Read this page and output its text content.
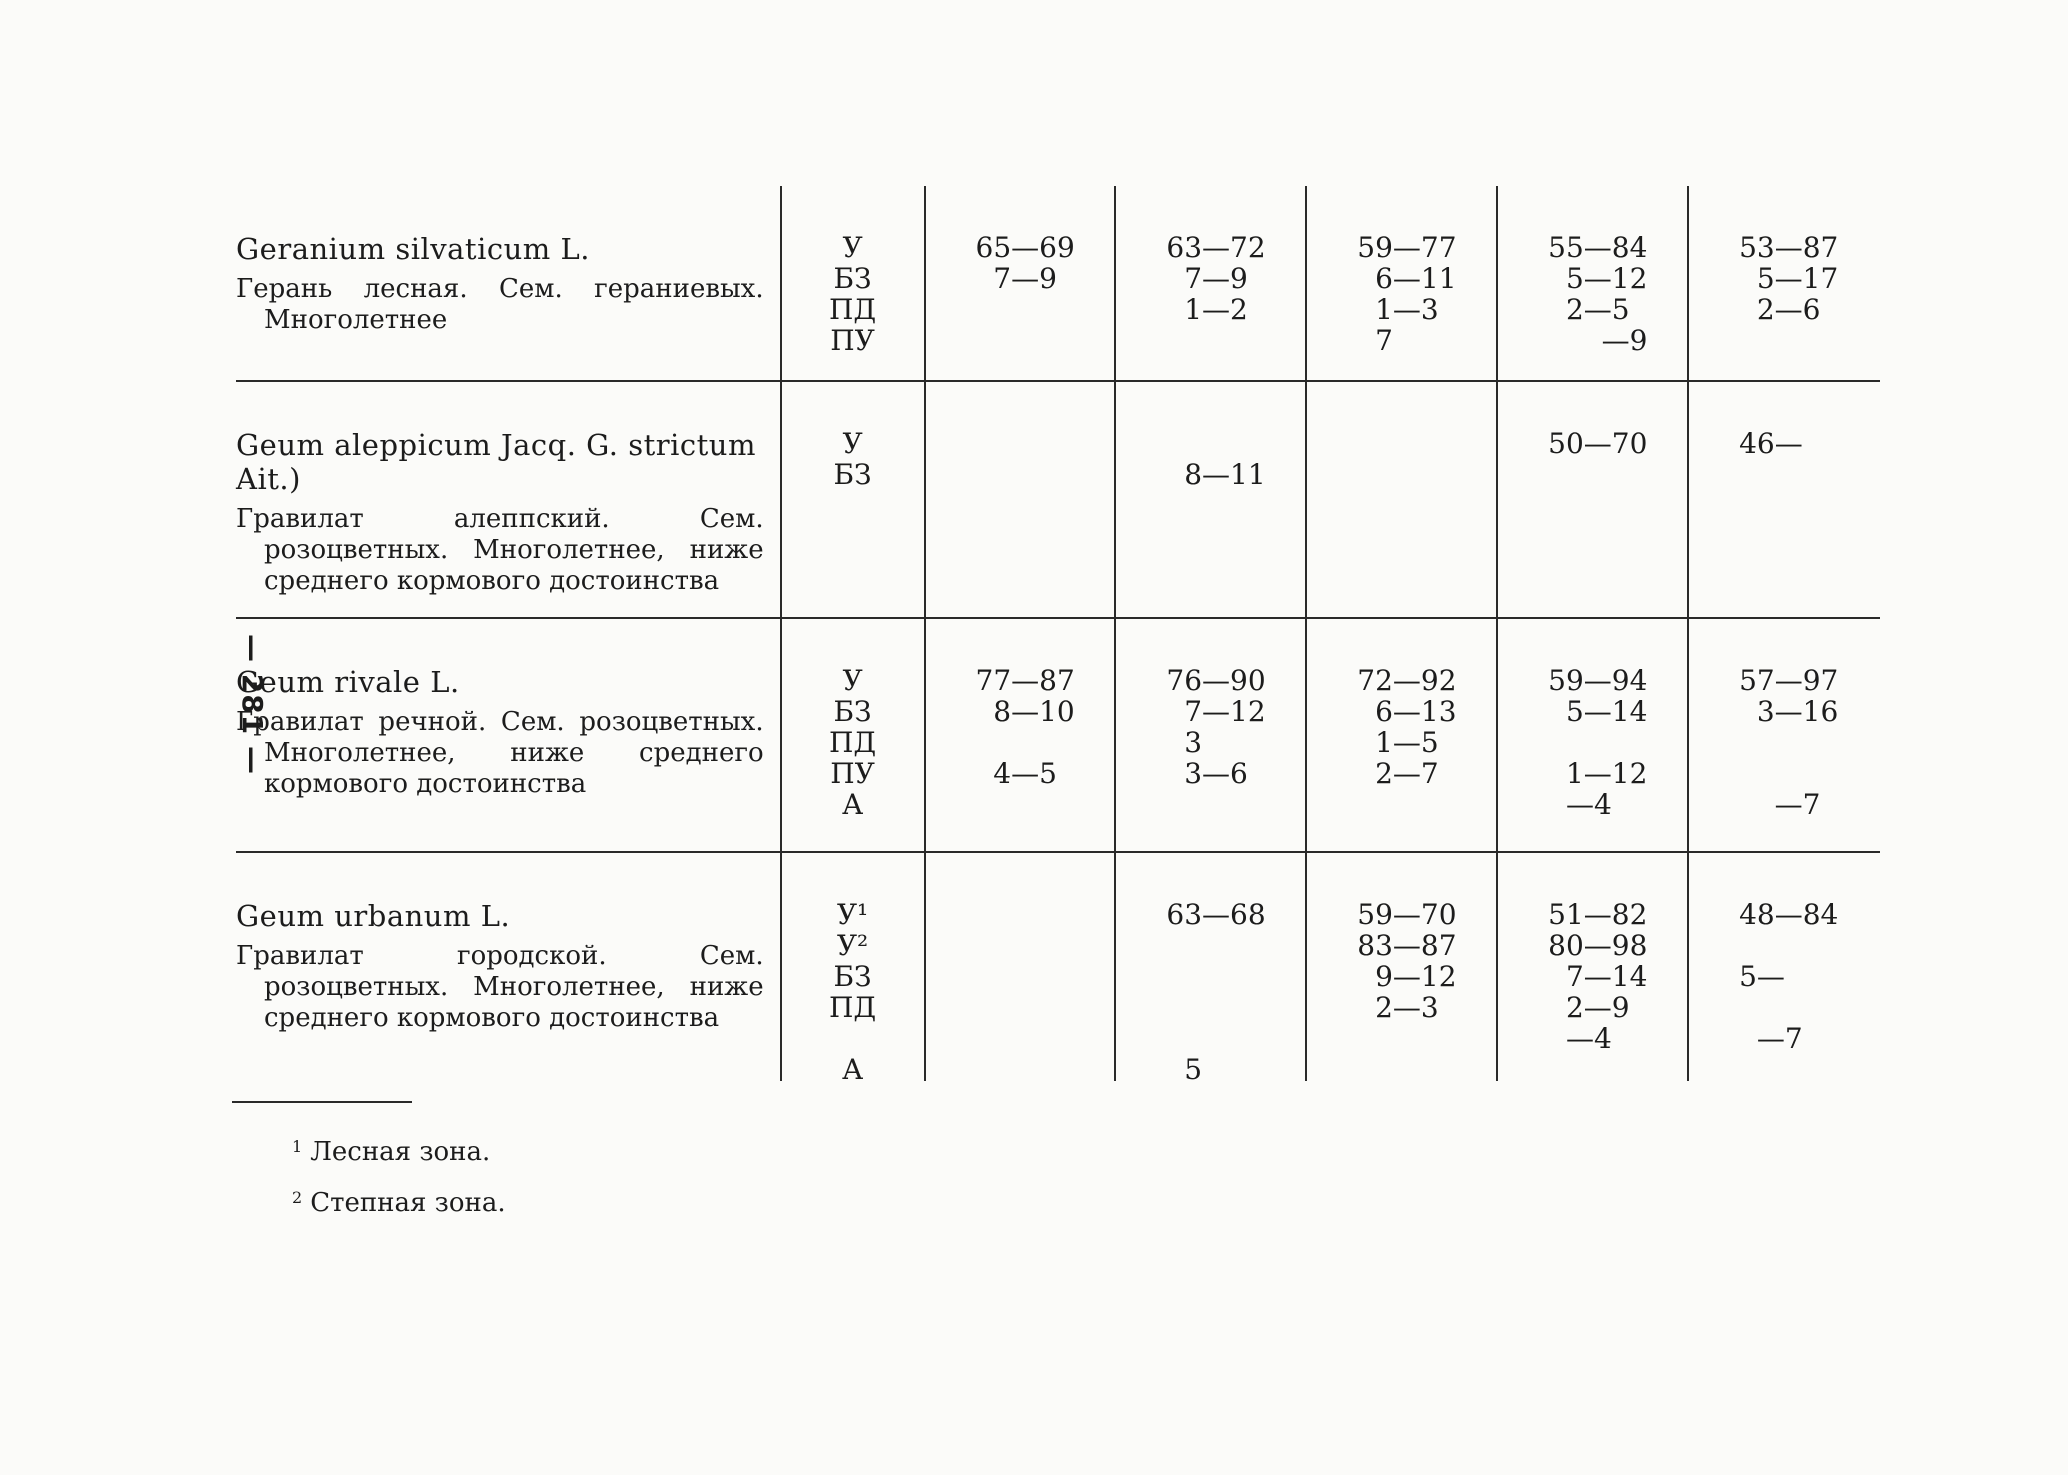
— 281 —
Geranium silvaticum L.
Герань лесная. Сем. гераниевых. Многолетнее
У
БЗ
ПД
ПУ
65—69
7—9
63—72
7—9
1—2
59—77
6—11
1—3
7
55—84
5—12
2—5
—9
53—87
5—17
2—6
Geum aleppicum Jacq. G. strictum Ait.)
Гравилат алеппский. Сем. розоцветных. Многолетнее, ниже среднего кормового достоинства
У
БЗ	8—11
50—70	46—
Geum rivale L.
Гравилат речной. Сем. розоцветных. Многолетнее, ниже среднего кормового достоинства
У
БЗ
ПД
ПУ
А
77—87
8—10
4—5
76—90
7—12
3
3—6
72—92
6—13
1—5
2—7
59—94
5—14
1—12
—4
57—97
3—16
—7
Geum urbanum L.
Гравилат городской. Сем. розоцветных. Многолетнее, ниже среднего кормового достоинства
У¹
У²
БЗ
ПД
А
63—68
5
59—70
83—87
9—12
2—3
51—82
80—98
7—14
2—9
—4
48—84
5—
—7
$^1$ Лесная зона.
$^2$ Степная зона.
